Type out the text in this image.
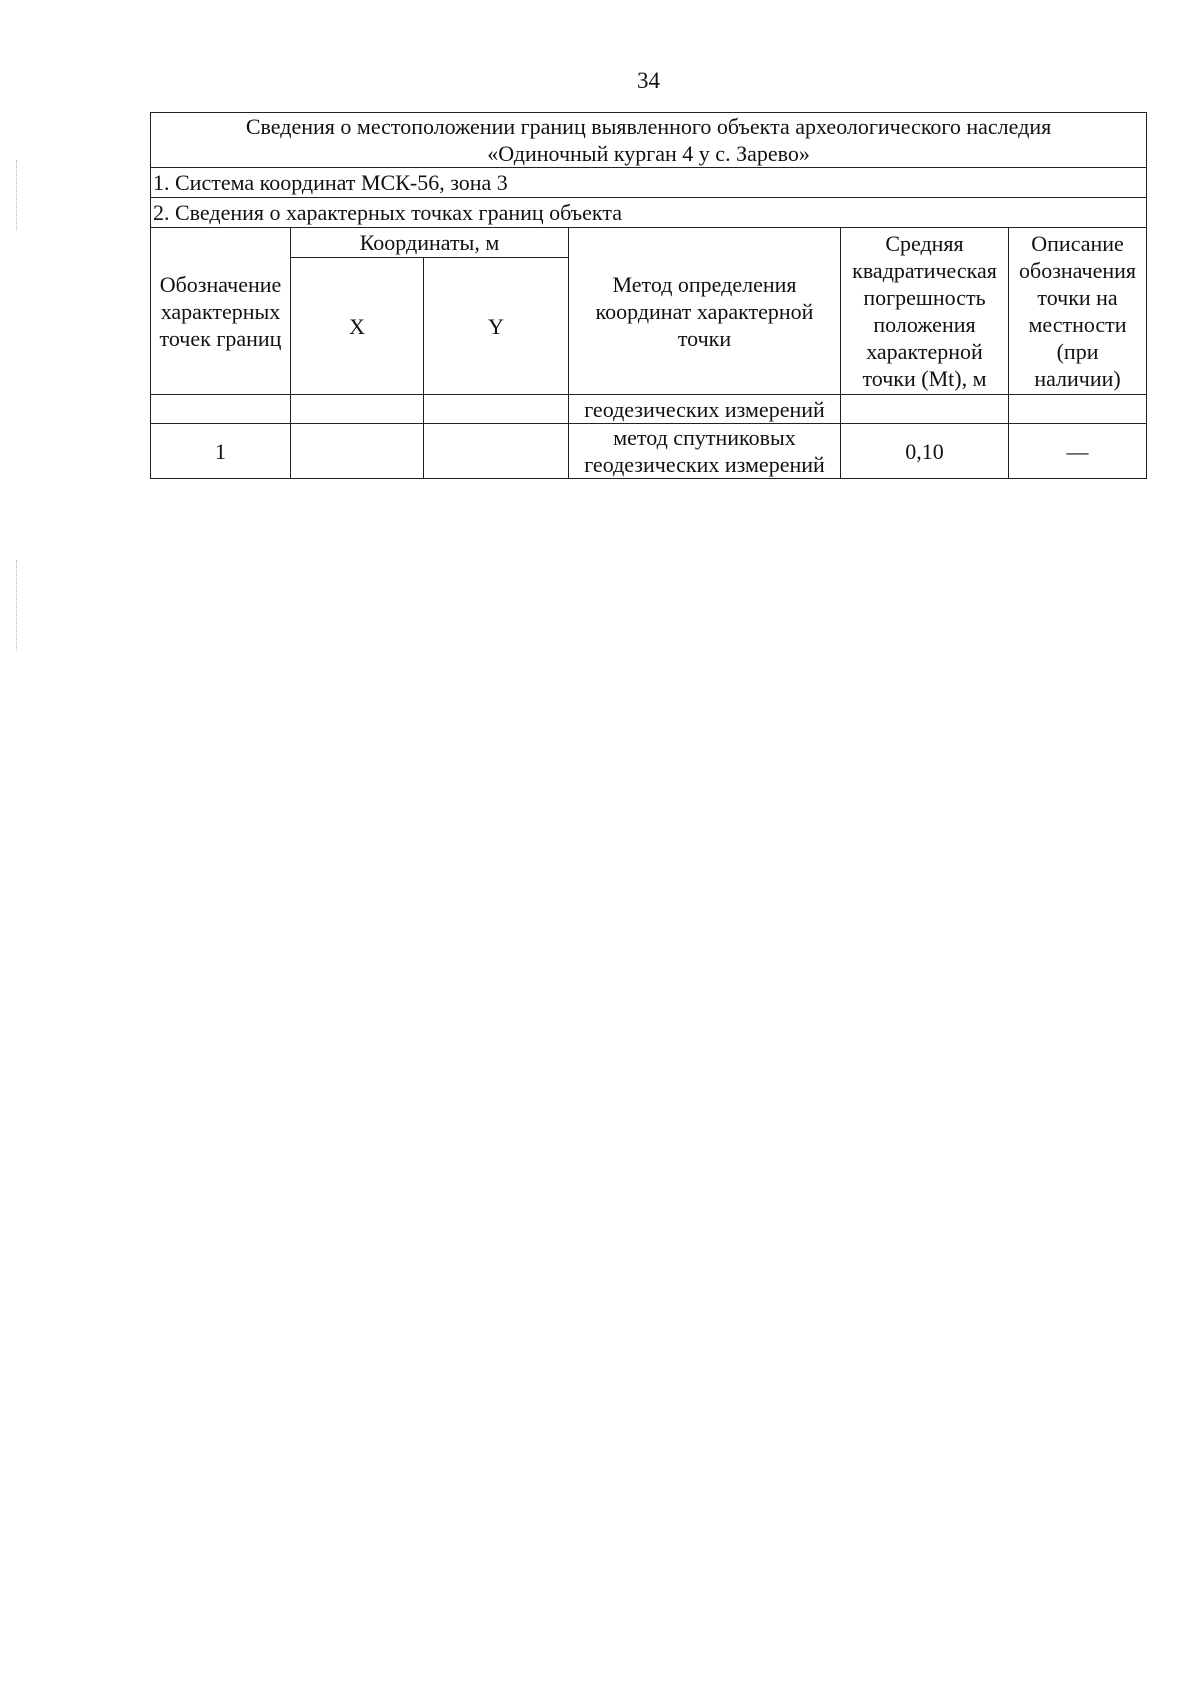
34
Сведения о местоположении границ выявленного объекта археологического наследия
«Одиночный курган 4 у с. Зарево»					

1. Система координат МСК-56, зона 3					
2. Сведения о характерных точках границ объекта					
Обозначение характерных точек границ	Координаты, м		Метод определения координат характерной точки	Средняя квадратическая погрешность положения характерной точки (Mt), м	Описание обозначения точки на местности (при наличии)
	X	Y			
			геодезических измерений		
1			метод спутниковых геодезических измерений	0,10	—
